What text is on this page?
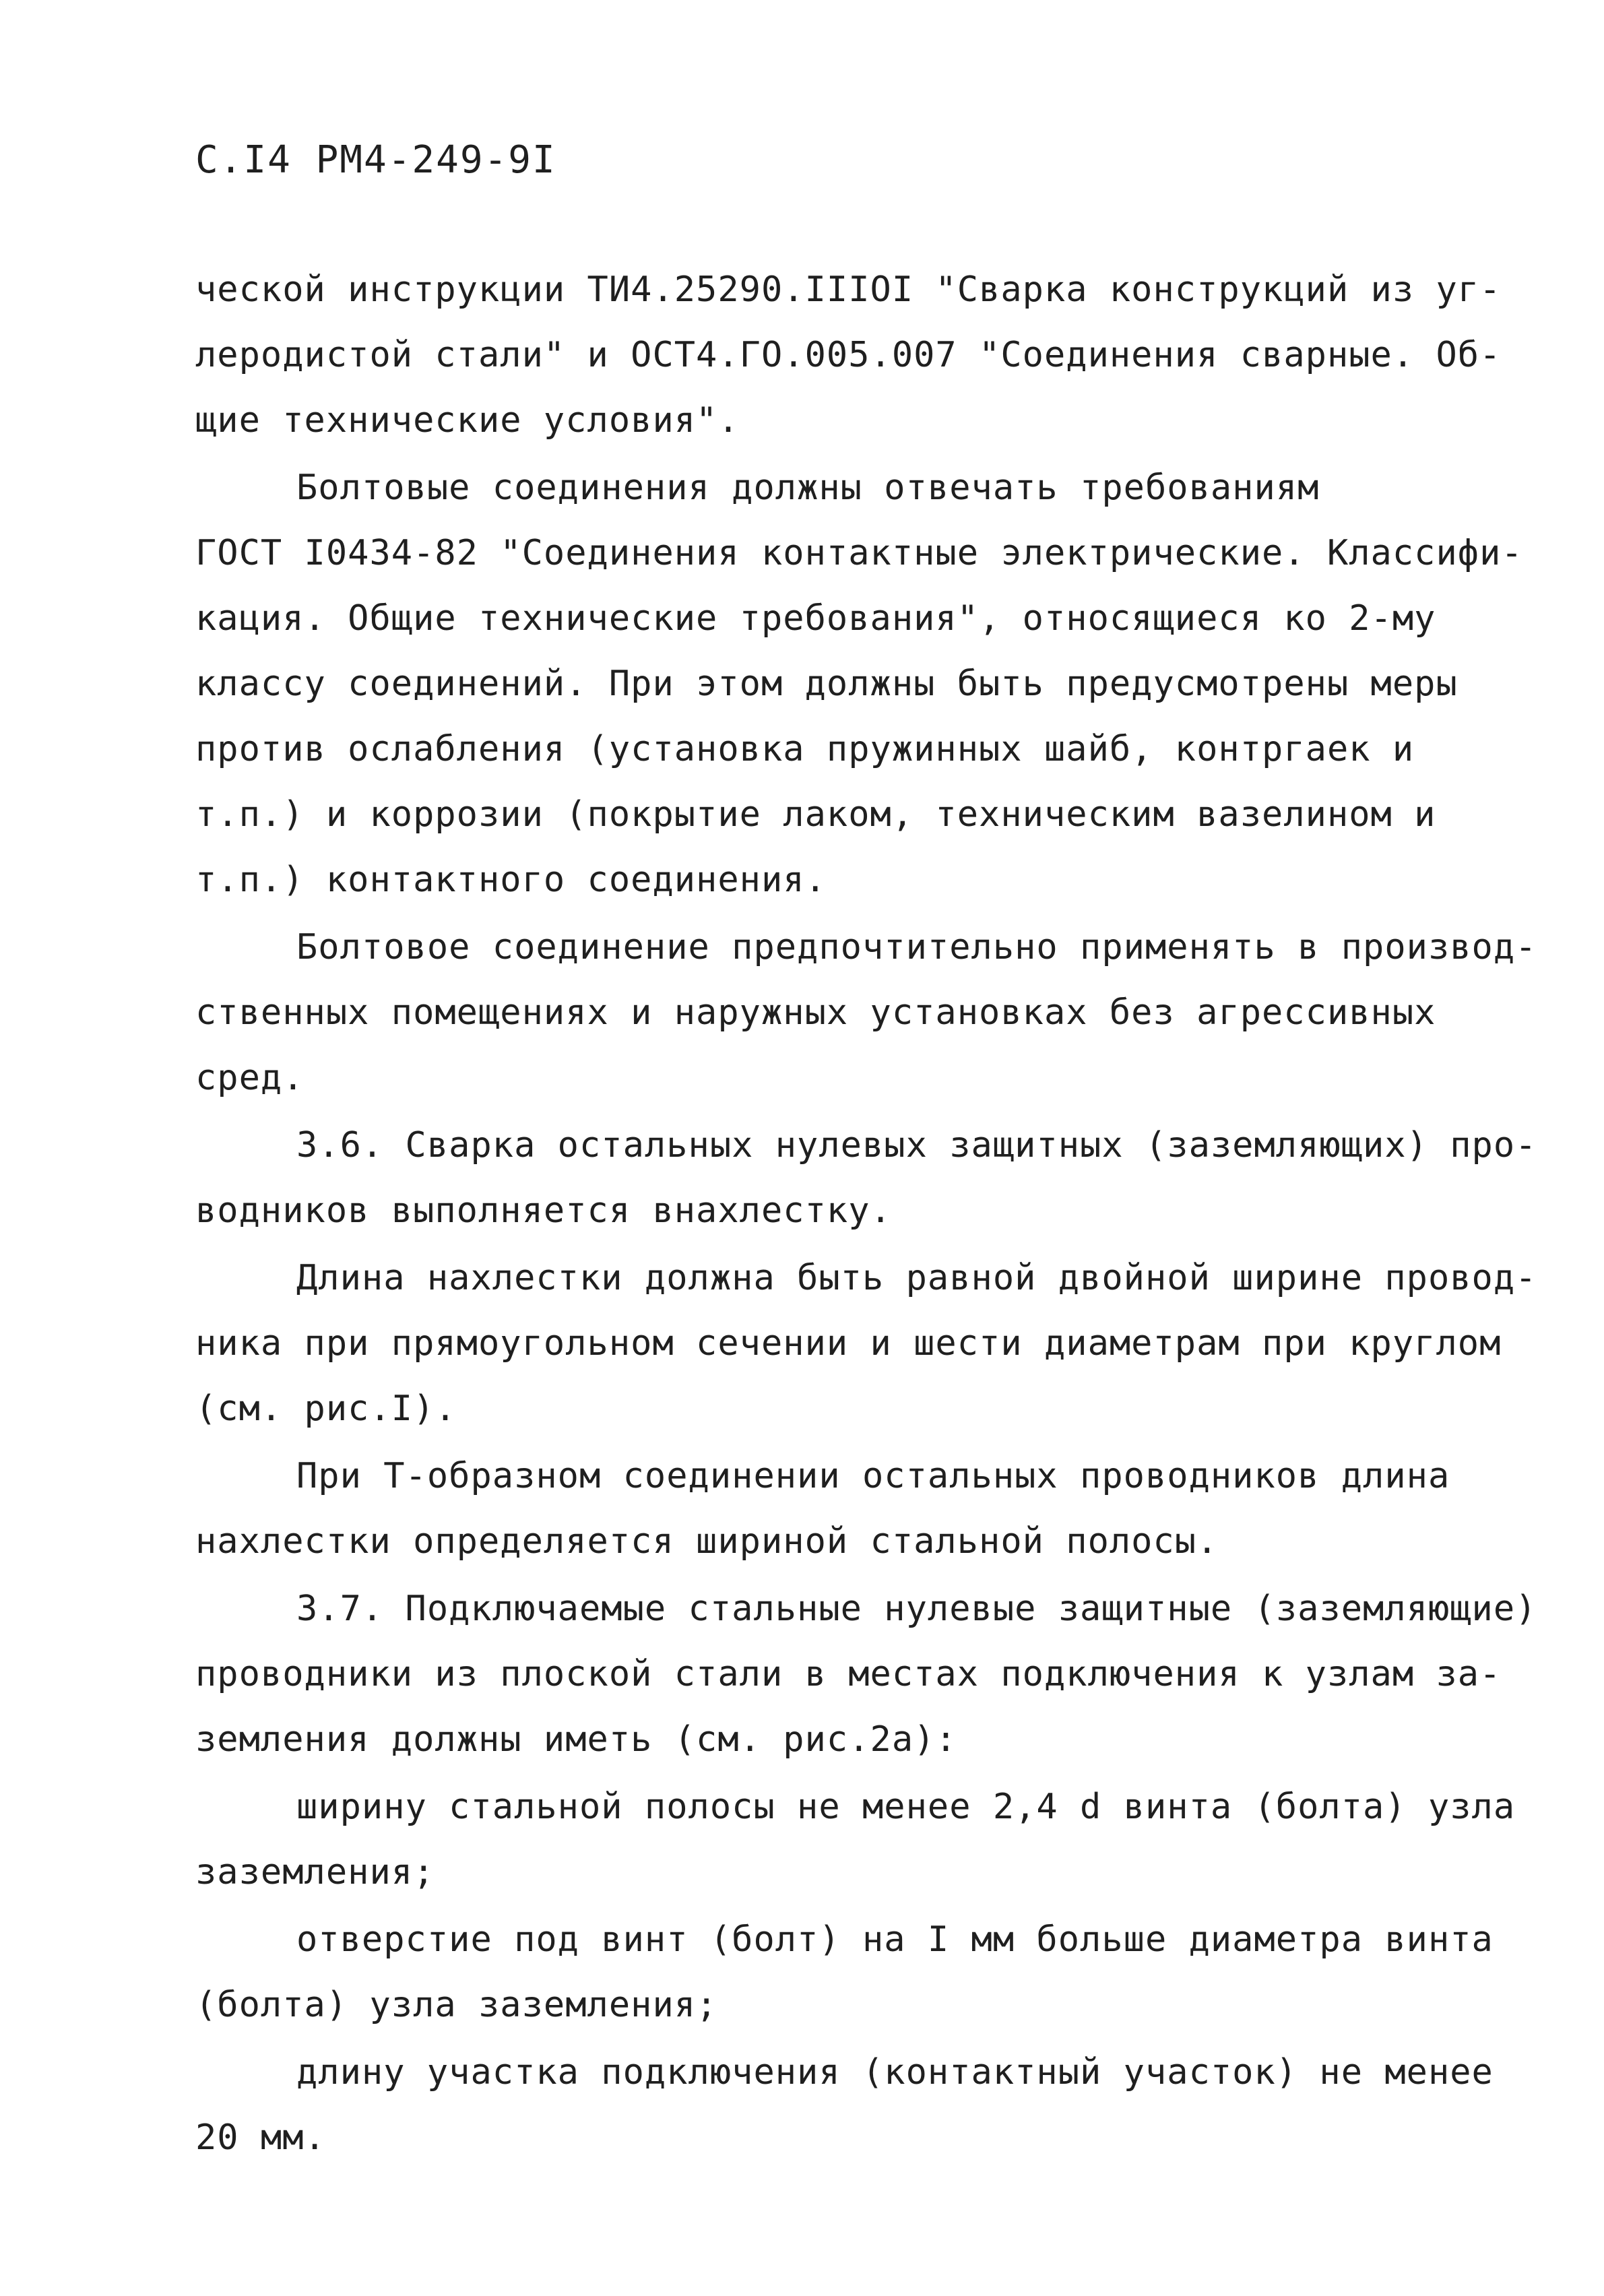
С.I4 РМ4-249-9I
ческой инструкции ТИ4.25290.IIIOI "Сварка конструкций из уг-
леродистой стали" и ОСТ4.ГО.005.007 "Соединения сварные. Об-
щие технические условия".
Болтовые соединения должны отвечать требованиям
ГОСТ I0434-82 "Соединения контактные электрические. Классифи-
кация. Общие технические требования", относящиеся ко 2-му
классу соединений. При этом должны быть предусмотрены меры
против ослабления (установка пружинных шайб, контргаек и
т.п.) и коррозии (покрытие лаком, техническим вазелином и
т.п.) контактного соединения.
Болтовое соединение предпочтительно применять в производ-
ственных помещениях и наружных установках без агрессивных
сред.
3.6. Сварка остальных нулевых защитных (заземляющих) про-
водников выполняется внахлестку.
Длина нахлестки должна быть равной двойной ширине провод-
ника при прямоугольном сечении и шести диаметрам при круглом
(см. рис.I).
При Т-образном соединении остальных проводников длина
нахлестки определяется шириной стальной полосы.
3.7. Подключаемые стальные нулевые защитные (заземляющие)
проводники из плоской стали в местах подключения к узлам за-
земления должны иметь (см. рис.2а):
ширину стальной полосы не менее 2,4 d винта (болта) узла
заземления;
отверстие под винт (болт) на I мм больше диаметра винта
(болта) узла заземления;
длину участка подключения (контактный участок) не менее
20 мм.
